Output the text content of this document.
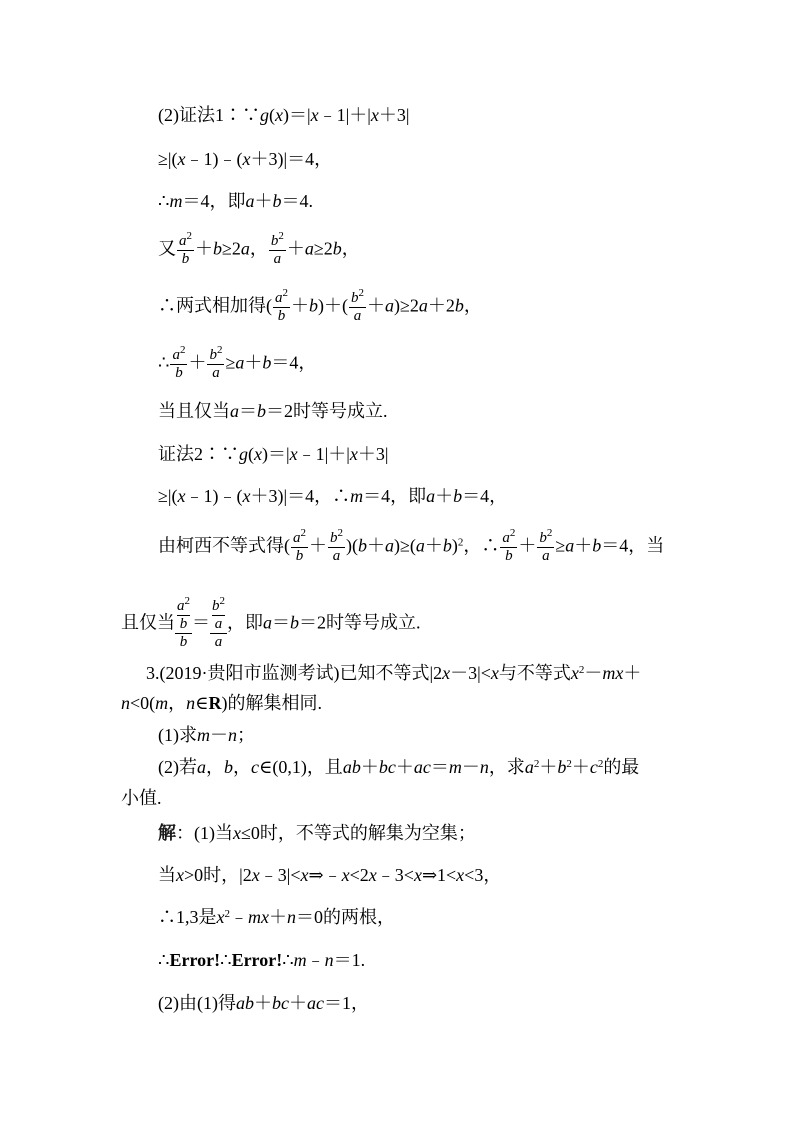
(2)证法1∶∵g(x)＝|x﹣1|＋|x＋3|
≥|(x﹣1)﹣(x＋3)|＝4，
∴m＝4，即a＋b＝4.
又 $\frac{a^2}{b} +b\ge 2a$， $\frac{b^2}{a} +a\ge 2b$，
∴两式相加得( $\frac{a^2}{b} +b)+( \frac{b^2}{a} +a)\ge 2a+2b$，
∴ $\frac{a^2}{b} + \frac{b^2}{a} \ge a+b=4$，
当且仅当a＝b＝2时等号成立.
证法2∶∵g(x)＝|x﹣1|＋|x＋3|
≥|(x﹣1)﹣(x＋3)|＝4，∴m＝4，即a＋b＝4，
由柯西不等式得( $\frac{a^2}{b} + \frac{b^2}{a} )(b+a)\ge(a+b)^2$，∴ $\frac{a^2}{b} + \frac{b^2}{a} \ge a+b=4$，当
且仅当 $a^2$
b
$b = b^2$
a
a ，即a＝b＝2时等号成立.
3.(2019·贵阳市监测考试)已知不等式|2x－3|<x与不等式$x^2-mx+$
n<0(m，n∈R)的解集相同.
(1)求m－n；
(2)若a，b，c∈(0,1)，且ab＋bc＋ac＝m－n，求$a^2+b^2+c^2$的最
小值.
解：(1)当x≤0时，不等式的解集为空集；
当x>0时，|2x﹣3|<x⇒﹣x<2x﹣3<x⇒1<x<3，
∴1,3是$x^2﹣mx+n=0$的两根，
∴Error!∴Error!∴m﹣n＝1.
(2)由(1)得ab＋bc＋ac＝1，
